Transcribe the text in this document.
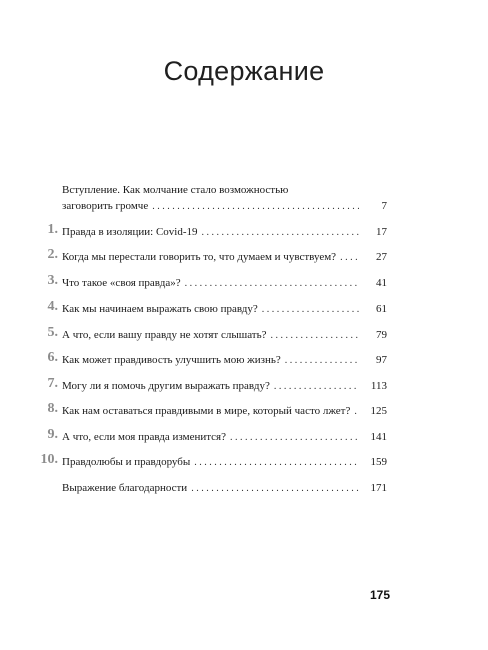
Содержание
Вступление. Как молчание стало возможностью
заговорить громче . . .	7
1. Правда в изоляции: Covid-19 . . .	17
2. Когда мы перестали говорить то, что думаем и чувствуем? . . .	27
3. Что такое «своя правда»? . . .	41
4. Как мы начинаем выражать свою правду? . . .	61
5. А что, если вашу правду не хотят слышать? . . .	79
6. Как может правдивость улучшить мою жизнь? . . .	97
7. Могу ли я помочь другим выражать правду? . . .	113
8. Как нам оставаться правдивыми в мире, который часто лжет? . . . 125
9. А что, если моя правда изменится? . . .	141
10. Правдолюбы и правдорубы . . .	159
Выражение благодарности . . .	171
175
